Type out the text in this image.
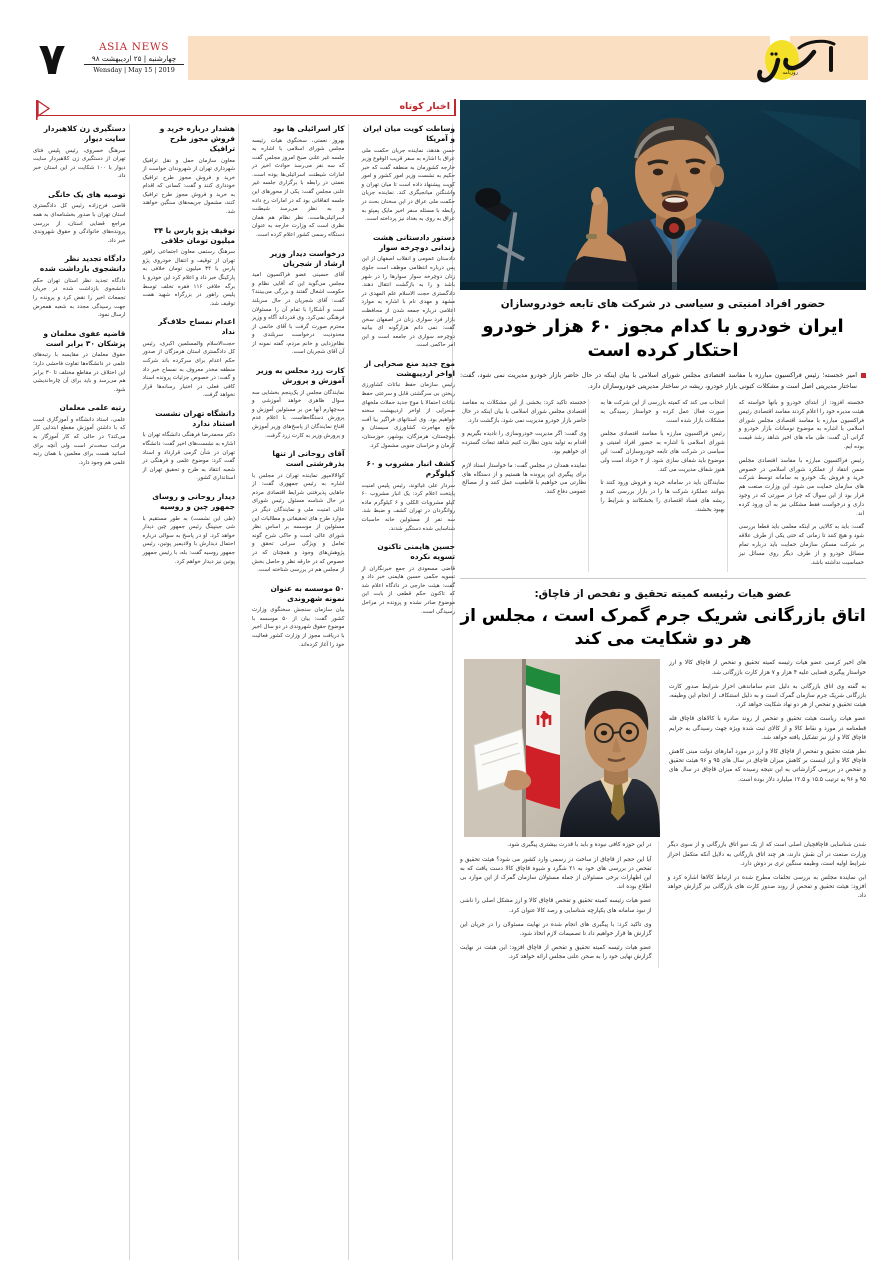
۷	ASIA NEWS
چهارشنبه | ۲۵ اردیبهشت ۹۸
Wensday | May 15 | 2019	روزنامه
اخبار کوتاه
وساطت کویت میان ایران و آمریکا

حسن هدهد، نماینده جریان حکمت ملی عراق با اشاره به سفر قریب الوقوع وزیر خارجه کشورمان به منطقه گفت که خبر حکیم به نشست وزیر امور کشور و امور کویت پیشنهاد داده است تا میان تهران و واشنگتن میانجیگری کند. نماینده جریان حکمت ملی عراق در این سخنان بحث در رابطه با مسئله سفر اخیر مایک پمپئو به عراق به روی به بغداد نیز پرداخته است.

دستور دادستانی هشت زندانی دوچرخه سوار

دادستان عمومی و انقلاب اصفهان از این پس درباره انتظامی موظف است جلوی زنان دوچرخه سوار سوارها را در شهر باشد و را به بازگشت انتقال دهند. دادگستری حجت الاسلام علم المهدی در مشهد و مهدی نام با اشاره به موارد اعلامی درباره جمعه شدن از محافظت بازار فرد سوارى زنان در اصفهان سخن گفت: نمی دانم هزارگونه ای بیانیه دوچرخه سوارى در جامعه است و این امر حاکمی است.

موج جدید منع صحرایی از اواخر اردیبهشت

رئیس سازمان حفظ نباتات کشاورزی ریختن بی سرگشتی قابل و سرعتی حفظ نباتات احتمالا با موج جدید حملات ملخهای صحرایی از اواخر اردیبهشت سخنه خواهیم بود. وی استانهای فراگیر بیا آفت مانع مهاجرت کشاورزی سیستان و بلوچستان، هرمزگان، بوشهر، خوزستان، کرمان و خراسان جنوبی مشمول کرد.

کشف انبار مشروب و ۶۰ کیلوگرم

سردار علی غیاثوند، رئیس پلیس امنیت پایتخت اعلام کرد: یک انبار مشروب ۶۰ کیلو مشروبات الکلی و ۶ کیلوگرم ماده روانگردان در تهران کشف و ضبط شد. سه نفر از مسئولین خانه حاسبات شناسایی شده دستگیر شدند.

حسین هایمنی تاکنون تسویه نکرده

قاضی مسعودی در جمع خبرنگاران از تسویه حکمی حسین هایمنی خبر داد و گفت: هیئت خارجی در دادگاه اعلام شد که تاکنون حکم قطعی از بابت این موضوع صادر نشده و پرونده در مراحل رسیدگی است.

کار اسرائیلی ها بود

بهروز نعمتی، سخنگوی هیات رئیسه مجلس شورای اسلامی با اشاره به جلسه غیر علنی صبح امروز مجلس گفت که سه نفر می‌رسد حوادث اخیر در امارات شیطنت اسرائیلی‌ها بوده است. نعمتی در رابطه با برگزاری جلسه غیر علنی مجلس گفت: یکی از محورهای این جلسه اتفاقاتی بود که در امارات رخ داده و به نظر می‌رسد شیطنت اسرائیلی‌هاست. نظر نظام هم همان نظری است که وزارت خارجه به عنوان دستگاه رسمی کشور اعلام کرده است.

درخواست دیدار وزیر ارشاد از شجریان

آقای حسینی عضو فراکسیون امید مجلس می‌گوید این که آقایی نظام و حکومت اشغال گفتند و بزرگی می‌بینند؟ گفت: آقای شجریان در حال سربلند است و آشکارا با تمام آن را مسئولان فرهنگی نمی‌کرد. وی قدرداند آگاه و وزیر محترم صورت گرفت با آقای خانمی از محدودیت درخواست سربلندی و نظام‌زدایی و خانم مردم، گفته نمونه از آن آقای شجریان است.

کارت زرد مجلس به وزیر آموزش و پرورش

نمایندگان مجلس از یک‌پنجم بخشایی سه سوال ظاهری خواهد آموزشی و سه‌چهارم آنها من بر مسئولین آموزش و پرورش دستگاه‌هاست. با اعلام عدم اقناع نمایندگان از پاسخ‌های وزیر آموزش و پرورش وزیر به کارت زرد گرفت.

آقای روحانی از تنها بذرفرشتی است

کوالالامپور نماینده تهران در مجلس با اشاره به رئیس جمهوری گفت: از جاهایی پذیرفتنی شرایط اقتصادی مردم در حال شناسه مسئول رئیس شورای عالی امنیت ملی و نمایندگان دیگر در موارد طرح های تحقیقاتی و مطالبات این مسئولین از موسسه بر اساس نظر شورای عالی است و حاکی شرح گونه تعامل و ویژگی سرانی تحقق و پژوهش‌های وجود و همچنان که در خصوص که در خارقه نظر و حاصل بخش از مجلس هم در بررسی شناخته است.

۵۰ موسسه به عنوان نمونه شهروندی

بیان سازمان سنجش سخنگوی وزارت کشور گفت: بیان از ۵۰ موسسه با موضوع حقوق شهروندی در دو سال اخیر با دریافت مجوز از وزارت کشور فعالیت خود را آغاز کرده‌اند.

هشدار درباره خرید و فروش مجوز طرح ترافیک

معاون سازمان حمل و نقل ترافیک شهرداری تهران از شهروندان خواست از خرید و فروش مجوز طرح ترافیک خودداری کنند و گفت: کسانی که اقدام به خرید و فروش مجوز طرح ترافیک کنند، مشمول جریمه‌های سنگین خواهند شد.

توقیف پژو پارس با ۳۴ میلیون تومان خلافی

سرهنگ رستمی معاون اجتماعی راهور تهران از توقیف و انتقال خودروی پژو پارس با ۳۴ میلیون تومان خلافی به پارکینگ خبر داد و اعلام کرد این خودرو با برگه خلافی ۱۱۶ فقره تخلف توسط پلیس راهور در بزرگراه شهید همت توقیف شد.

اعدام نمساح خلاف‌گر نداد

حجت‌الاسلام والمسلمین اکبری، رئیس کل دادگستری استان هرمزگان از صدور حکم اعدام برای سرکرده باند شرکت منطقه مخدر معروف به نمساح خبر داد و گفت: در خصوص جزئیات پرونده اسناد کافی فعلی در اختیار رسانه‌ها قرار نخواهد گرفت.

دانشگاه تهران نشست استناد ندارد

دکتر محمدرضا فرهنگی دانشگاه تهران با اشاره به نشست‌های اخیر گفت: دانشگاه تهران در شأن گرمی قرارداد و اسناد گفت کرد: موضوع علمی و فرهنگی در شعبه انتقاد به طرح و تحقیق تهران از استانداری کشور.

دیدار روحانی و روسای جمهور چین و روسیه

(طی این نشست) به طور مستقیم با شی جینپینگ رئیس جمهور چین دیدار خواهد کرد. او در پاسخ به سوالی درباره احتمال دیدارش با ولادیمیر پوتین، رئیس جمهور روسیه گفت: بله، با رئیس جمهور پوتین نیز دیدار خواهم کرد.

دستگیری زن کلاهبردار سایت دیوار

سرهنگ خسروی، رئیس پلیس فتای تهران از دستگیری زن کلاهبردار سایت دیوار با ۱۰۰ شکایت در این استان خبر داد.

توصیه های یک خانگی

قاضی فرخ‌زاده رئیس کل دادگستری استان تهران با صدور بخشنامه‌ای به همه مراجع قضایی استان، از بررسی پرونده‌های خانوادگی و حقوق شهروندی خبر داد.

دادگاه تجدید نظر دانشجوی بازداشت شده

دادگاه تجدید نظر استان تهران حکم دانشجوی بازداشت شده در جریان تجمعات اخیر را نقض کرد و پرونده را جهت رسیدگی مجدد به شعبه همعرض ارسال نمود.

قاضیه عفوی معلمان و پزشکان ۳۰ برابر است

حقوق معلمان در مقایسه با رتبه‌های علمی در دانشگاه‌ها تفاوت فاحشی دارد؛ این اختلاف در مقاطع مختلف تا ۳۰ برابر هم می‌رسد و باید برای آن چاره‌اندیشی شود.

رتبه علمی معلمان

علمی، استاد دانشگاه و آموزگاری است که با داشتن آموزش مقطع ابتدایی کار می‌کند؟ در حالی که کار آموزگار به مراتب سخت‌تر است ولی آنچه برای اساتید هست برای معلمین با همان رتبه علمی هم وجود دارد.

حضور افراد امنیتی و سیاسی در شرکت های تابعه خودروسازان
ایران خودرو با کدام مجوز ۶۰ هزار خودرو احتکار کرده است
امیر خجسته؛ رئیس فراکسیون مبارزه با مفاسد اقتصادی مجلس شورای اسلامی با بیان اینکه در حال حاضر بازار خودرو مدیریت نمی شود، گفت: ساختار مدیریتی اصل است و مشکلات کنونی بازار خودرو، ریشه در ساختار مدیریتی خودروسازان دارد.

خجسته افزود: از ابتدای خودرو و بانها خواسته که هیئت مدیره خود را اعلام کردند مفاسد اقتصادی رئیس فراکسیون مبارزه با مفاسد اقتصادی مجلس شورای اسلامی با اشاره به موضوع نوسانات بازار خودرو و گرانی آن گفت: طی ماه های اخیر شاهد رشد قیمت بوده ایم.

رئیس فراکسیون مبارزه با مفاسد اقتصادی مجلس ضمن انتقاد از عملکرد شورای اسلامی در خصوص خرید و فروش یک خودرو به سامانه توسط شرکت های سازمان حمایت می شود. این وزارت صنعت هم قرار بود از این سوال که چرا در صورتی که در وجود داری و درخواست فقط مشکلی نیز به آن ورود کرده اند.

گفت: باید به کالایی بر اینکه معلمی باید قطعا بررسی شود و هیچ کنند تا زمانی که حتی یکی از طرف علاقه بر شرکت مسکن سازمان حمایت باید درباره تمام مسائل خودرو و از طرف دیگر روی مسائل نیز حساسیت نداشته باشد.

انتخاب می کند که کمیته بازرسی از این شرکت ها به صورت فعال عمل کرده و خواستار رسیدگی به مشکلات بازار شده است.

رئیس فراکسیون مبارزه با مفاسد اقتصادی مجلس شورای اسلامی با اشاره به حضور افراد امنیتی و سیاسی در شرکت های تابعه خودروسازان گفت: این موضوع باید شفاف سازی شود. از ۲ خرداد است ولی هنوز شفاف مدیریت می کند.

نمایندگان باید در سامانه خرید و فروش ورود کنند تا بتوانند عملکرد شرکت ها را در بازار بررسی کنند و ریشه های فساد اقتصادی را بخشکانند و شرایط را بهبود بخشند.

خجسته تاکید کرد: بخشی از این مشکلات به مقاصد اقتصادی مجلس شورای اسلامی با بیان اینکه در حال حاضر بازار خودرو مدیریت نمی شود، بازگشت دارد.

وی گفت: اگر مدیریت خودروسازی را نادیده بگیریم و اقدام به تولید بدون نظارت کنیم شاهد تبعات گسترده ای خواهیم بود.

نماینده همدان در مجلس گفت: ما خواستار اسناد لازم برای پیگیری این پرونده ها هستیم و از دستگاه های نظارتی می خواهیم با قاطعیت عمل کنند و از مصالح عمومی دفاع کنند.

عضو هیات رئیسه کمیته تحقیق و تفحص از قاچاق:
اتاق بازرگانی شریک جرم گمرک است ، مجلس از هر دو شکایت می کند

های اخیر کرسی عضو هیات رئیسه کمیته تحقیق و تفحص از قاچاق کالا و ارز خواستار پیگیری قضایی علیه ۴ هزار و ۷ هزار کارت بازرگانی شد.

به گفته وی اتاق بازرگانی به دلیل عدم ساماندهی احراز شرایط صدور کارت بازرگانی شریک جرم سازمان گمرک است و به دلیل استنکاف از انجام این وظیفه، هیئت تحقیق و تفحص از هر دو نهاد شکایت خواهد کرد.

عضو هیات ریاست هیئت تحقیق و تفحص از روند صادره با کالاهای قاچاق فله قطعنامه در مورد و نقاط کالا و از کالای ثبت شده ویژه جهت رسیدگی به جرایم قاچاق کالا و ارز نیز تشکیل یافته خواهد شد.

نظر هیئت تحقیق و تفحص از قاچاق کالا و ارز در مورد آمارهای دولت مبنی کاهش قاچاق کالا و ارز اینست بر کاهش میزان قاچاق در سال های ۹۵ و ۹۶ هیئت تحقیق و تفحص در بررسی گزارشاتی به این نتیجه رسیده که میزان قاچاق در سال های ۹۵ و ۹۶ به ترتیب ۱۵.۵ و ۱۲.۵ میلیارد دلار بوده است.

شدن شناسایی قاچاقچیان اصلی است که از یک سو اتاق بازرگانی و از سوی دیگر وزارت صنعت در آن نقش دارند، هر چند اتاق بازرگانی به دلایل آنکه متکفل احراز شرایط اولیه است، وظیفه سنگین تری بر دوش دارد.

این نماینده مجلس به بررسی تخلفات مطرح شده در ارتباط کالاها اشاره کرد و افزود: هیئت تحقیق و تفحص از روند صدور کارت های بازرگانی نیز گزارش خواهد داد.

در این حوزه کافی نبوده و باید با قدرت بیشتری پیگیری شود.

آیا این حجم از قاچاق از ساخت در رسمی وارد کشور می شود؟ هیئت تحقیق و تفحص در بررسی های خود به ۲۱ شگرد و شیوه قاچاق کالا دست یافت که به این اظهارات برخی مسئولان از جمله مسئولان سازمان گمرک از این موارد بی اطلاع بوده اند.

عضو هیات رئیسه کمیته تحقیق و تفحص قاچاق کالا و ارز مشکل اصلی را ناشی از نبود سامانه های یکپارچه شناسایی و رصد کالا عنوان کرد.

وی تاکید کرد: با پیگیری های انجام شده در نهایت مسئولان را در جریان این گزارش ها قرار خواهیم داد تا تصمیمات لازم اتخاذ شود.

عضو هیات رئیسه کمیته تحقیق و تفحص از قاچاق افزود: این هیئت در نهایت گزارش نهایی خود را به صحن علنی مجلس ارائه خواهد کرد.
